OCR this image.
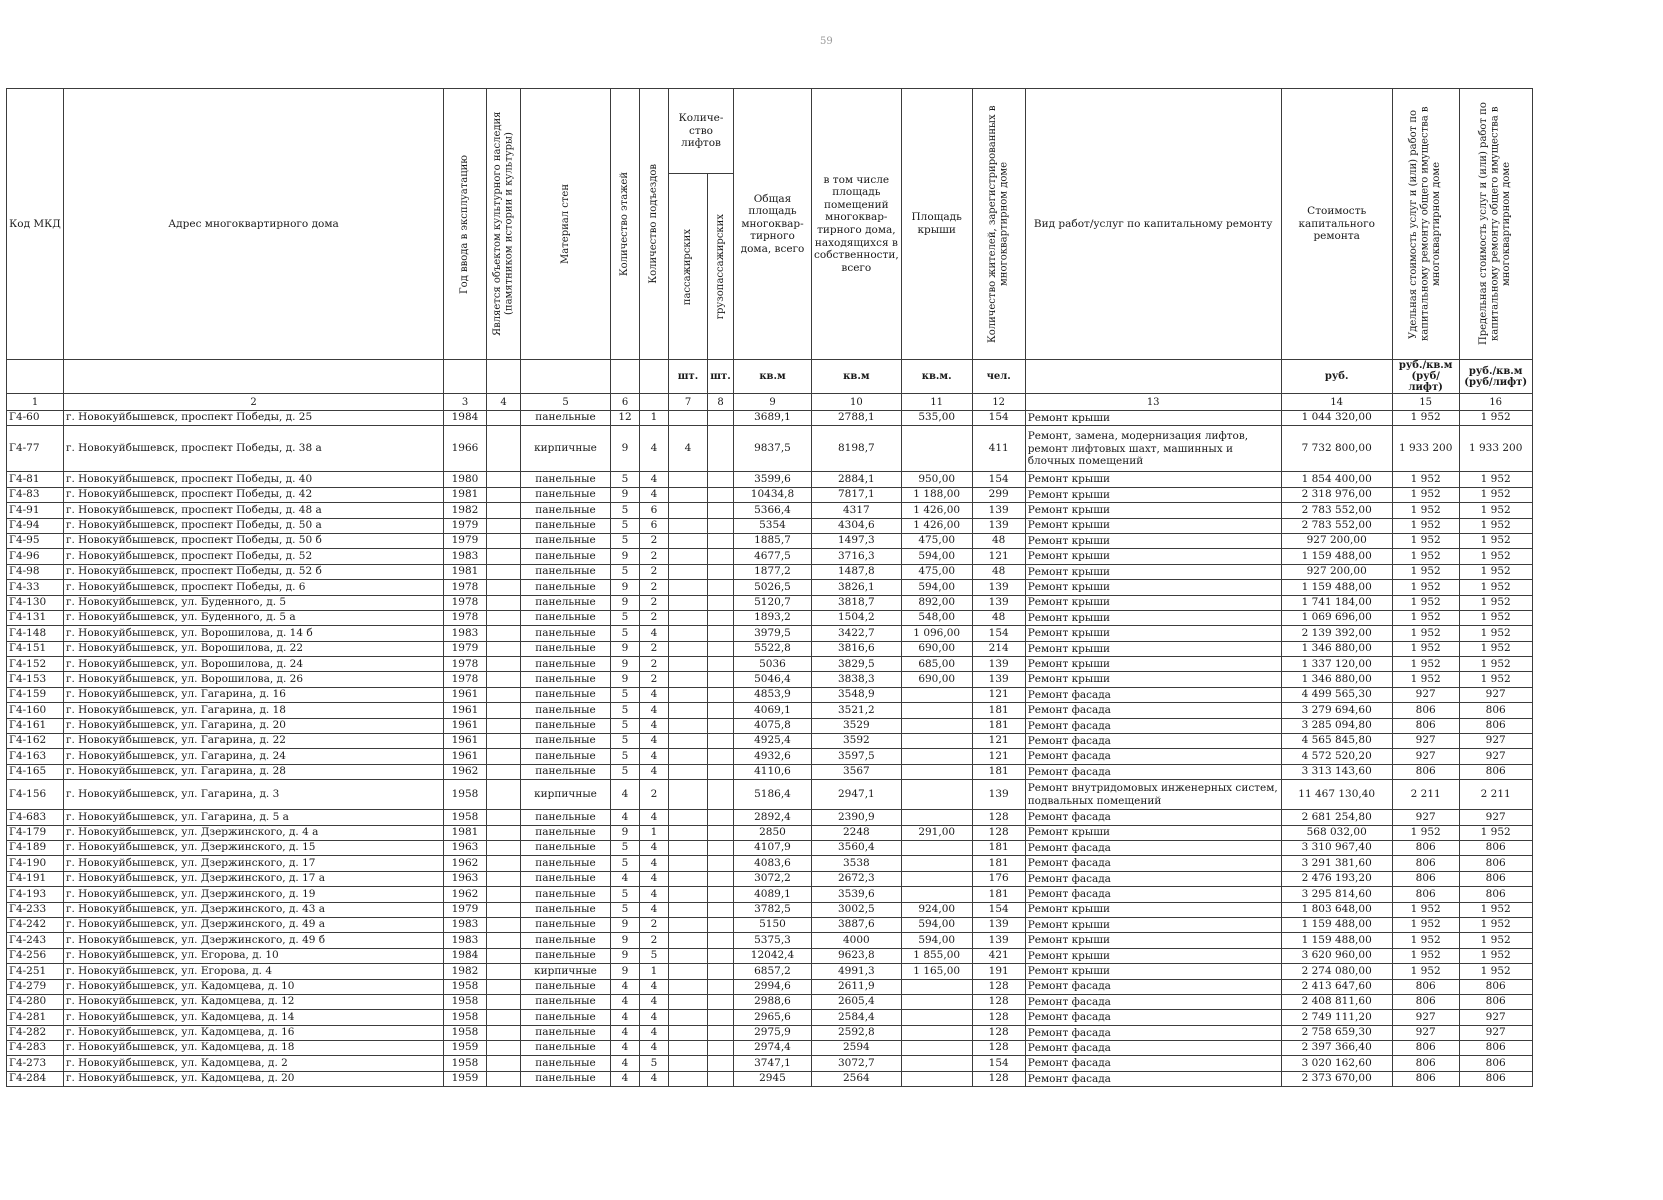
59
Код МКД	Адрес многоквартирного дома	Год ввода в эксплуатацию	Является объектом культурного наследия (памятником истории и культуры)	Материал стен	Количество этажей	Количество подъездов	Количе-ство лифтов		Общая площадь многоквар-тирного дома, всего	в том числе площадь помещений многоквар-тирного дома, находящихся в собственности, всего	Площадь крыши	Количество жителей, зарегистрированных в многоквартирном доме	Вид работ/услуг по капитальному ремонту	Стоимость капитального ремонта	Удельная стоимость услуг и (или) работ по капитальному ремонту общего имущества в многоквартирном доме	Предельная стоимость услуг и (или) работ по капитальному ремонту общего имущества в многоквартирном доме

							пассажирских	грузопассажирских								

							шт.	шт.	кв.м	кв.м	кв.м.	чел.		руб.	руб./кв.м (руб/лифт)	руб./кв.м (руб/лифт)
1	2	3	4	5	6		7	8	9	10	11	12	13	14	15	16
Г4-60	г. Новокуйбышевск, проспект Победы, д. 25	1984		панельные	12	1			3689,1	2788,1	535,00	154	Ремонт крыши	1 044 320,00	1 952	1 952
Г4-77	г. Новокуйбышевск, проспект Победы, д. 38 а	1966		кирпичные	9	4	4		9837,5	8198,7		411	Ремонт, замена, модернизация лифтов, ремонт лифтовых шахт, машинных и блочных помещений	7 732 800,00	1 933 200	1 933 200
Г4-81	г. Новокуйбышевск, проспект Победы, д. 40	1980		панельные	5	4			3599,6	2884,1	950,00	154	Ремонт крыши	1 854 400,00	1 952	1 952
Г4-83	г. Новокуйбышевск, проспект Победы, д. 42	1981		панельные	9	4			10434,8	7817,1	1 188,00	299	Ремонт крыши	2 318 976,00	1 952	1 952
Г4-91	г. Новокуйбышевск, проспект Победы, д. 48 а	1982		панельные	5	6			5366,4	4317	1 426,00	139	Ремонт крыши	2 783 552,00	1 952	1 952
Г4-94	г. Новокуйбышевск, проспект Победы, д. 50 а	1979		панельные	5	6			5354	4304,6	1 426,00	139	Ремонт крыши	2 783 552,00	1 952	1 952
Г4-95	г. Новокуйбышевск, проспект Победы, д. 50 б	1979		панельные	5	2			1885,7	1497,3	475,00	48	Ремонт крыши	927 200,00	1 952	1 952
Г4-96	г. Новокуйбышевск, проспект Победы, д. 52	1983		панельные	9	2			4677,5	3716,3	594,00	121	Ремонт крыши	1 159 488,00	1 952	1 952
Г4-98	г. Новокуйбышевск, проспект Победы, д. 52 б	1981		панельные	5	2			1877,2	1487,8	475,00	48	Ремонт крыши	927 200,00	1 952	1 952
Г4-33	г. Новокуйбышевск, проспект Победы, д. 6	1978		панельные	9	2			5026,5	3826,1	594,00	139	Ремонт крыши	1 159 488,00	1 952	1 952
Г4-130	г. Новокуйбышевск, ул. Буденного, д. 5	1978		панельные	9	2			5120,7	3818,7	892,00	139	Ремонт крыши	1 741 184,00	1 952	1 952
Г4-131	г. Новокуйбышевск, ул. Буденного, д. 5 а	1978		панельные	5	2			1893,2	1504,2	548,00	48	Ремонт крыши	1 069 696,00	1 952	1 952
Г4-148	г. Новокуйбышевск, ул. Ворошилова, д. 14 б	1983		панельные	5	4			3979,5	3422,7	1 096,00	154	Ремонт крыши	2 139 392,00	1 952	1 952
Г4-151	г. Новокуйбышевск, ул. Ворошилова, д. 22	1979		панельные	9	2			5522,8	3816,6	690,00	214	Ремонт крыши	1 346 880,00	1 952	1 952
Г4-152	г. Новокуйбышевск, ул. Ворошилова, д. 24	1978		панельные	9	2			5036	3829,5	685,00	139	Ремонт крыши	1 337 120,00	1 952	1 952
Г4-153	г. Новокуйбышевск, ул. Ворошилова, д. 26	1978		панельные	9	2			5046,4	3838,3	690,00	139	Ремонт крыши	1 346 880,00	1 952	1 952
Г4-159	г. Новокуйбышевск, ул. Гагарина, д. 16	1961		панельные	5	4			4853,9	3548,9		121	Ремонт фасада	4 499 565,30	927	927
Г4-160	г. Новокуйбышевск, ул. Гагарина, д. 18	1961		панельные	5	4			4069,1	3521,2		181	Ремонт фасада	3 279 694,60	806	806
Г4-161	г. Новокуйбышевск, ул. Гагарина, д. 20	1961		панельные	5	4			4075,8	3529		181	Ремонт фасада	3 285 094,80	806	806
Г4-162	г. Новокуйбышевск, ул. Гагарина, д. 22	1961		панельные	5	4			4925,4	3592		121	Ремонт фасада	4 565 845,80	927	927
Г4-163	г. Новокуйбышевск, ул. Гагарина, д. 24	1961		панельные	5	4			4932,6	3597,5		121	Ремонт фасада	4 572 520,20	927	927
Г4-165	г. Новокуйбышевск, ул. Гагарина, д. 28	1962		панельные	5	4			4110,6	3567		181	Ремонт фасада	3 313 143,60	806	806
Г4-156	г. Новокуйбышевск, ул. Гагарина, д. 3	1958		кирпичные	4	2			5186,4	2947,1		139	Ремонт внутридомовых инженерных систем, подвальных помещений	11 467 130,40	2 211	2 211
Г4-683	г. Новокуйбышевск, ул. Гагарина, д. 5 а	1958		панельные	4	4			2892,4	2390,9		128	Ремонт фасада	2 681 254,80	927	927
Г4-179	г. Новокуйбышевск, ул. Дзержинского, д. 4 а	1981		панельные	9	1			2850	2248	291,00	128	Ремонт крыши	568 032,00	1 952	1 952
Г4-189	г. Новокуйбышевск, ул. Дзержинского, д. 15	1963		панельные	5	4			4107,9	3560,4		181	Ремонт фасада	3 310 967,40	806	806
Г4-190	г. Новокуйбышевск, ул. Дзержинского, д. 17	1962		панельные	5	4			4083,6	3538		181	Ремонт фасада	3 291 381,60	806	806
Г4-191	г. Новокуйбышевск, ул. Дзержинского, д. 17 а	1963		панельные	4	4			3072,2	2672,3		176	Ремонт фасада	2 476 193,20	806	806
Г4-193	г. Новокуйбышевск, ул. Дзержинского, д. 19	1962		панельные	5	4			4089,1	3539,6		181	Ремонт фасада	3 295 814,60	806	806
Г4-233	г. Новокуйбышевск, ул. Дзержинского, д. 43 а	1979		панельные	5	4			3782,5	3002,5	924,00	154	Ремонт крыши	1 803 648,00	1 952	1 952
Г4-242	г. Новокуйбышевск, ул. Дзержинского, д. 49 а	1983		панельные	9	2			5150	3887,6	594,00	139	Ремонт крыши	1 159 488,00	1 952	1 952
Г4-243	г. Новокуйбышевск, ул. Дзержинского, д. 49 б	1983		панельные	9	2			5375,3	4000	594,00	139	Ремонт крыши	1 159 488,00	1 952	1 952
Г4-256	г. Новокуйбышевск, ул. Егорова, д. 10	1984		панельные	9	5			12042,4	9623,8	1 855,00	421	Ремонт крыши	3 620 960,00	1 952	1 952
Г4-251	г. Новокуйбышевск, ул. Егорова, д. 4	1982		кирпичные	9	1			6857,2	4991,3	1 165,00	191	Ремонт крыши	2 274 080,00	1 952	1 952
Г4-279	г. Новокуйбышевск, ул. Кадомцева, д. 10	1958		панельные	4	4			2994,6	2611,9		128	Ремонт фасада	2 413 647,60	806	806
Г4-280	г. Новокуйбышевск, ул. Кадомцева, д. 12	1958		панельные	4	4			2988,6	2605,4		128	Ремонт фасада	2 408 811,60	806	806
Г4-281	г. Новокуйбышевск, ул. Кадомцева, д. 14	1958		панельные	4	4			2965,6	2584,4		128	Ремонт фасада	2 749 111,20	927	927
Г4-282	г. Новокуйбышевск, ул. Кадомцева, д. 16	1958		панельные	4	4			2975,9	2592,8		128	Ремонт фасада	2 758 659,30	927	927
Г4-283	г. Новокуйбышевск, ул. Кадомцева, д. 18	1959		панельные	4	4			2974,4	2594		128	Ремонт фасада	2 397 366,40	806	806
Г4-273	г. Новокуйбышевск, ул. Кадомцева, д. 2	1958		панельные	4	5			3747,1	3072,7		154	Ремонт фасада	3 020 162,60	806	806
Г4-284	г. Новокуйбышевск, ул. Кадомцева, д. 20	1959		панельные	4	4			2945	2564		128	Ремонт фасада	2 373 670,00	806	806
